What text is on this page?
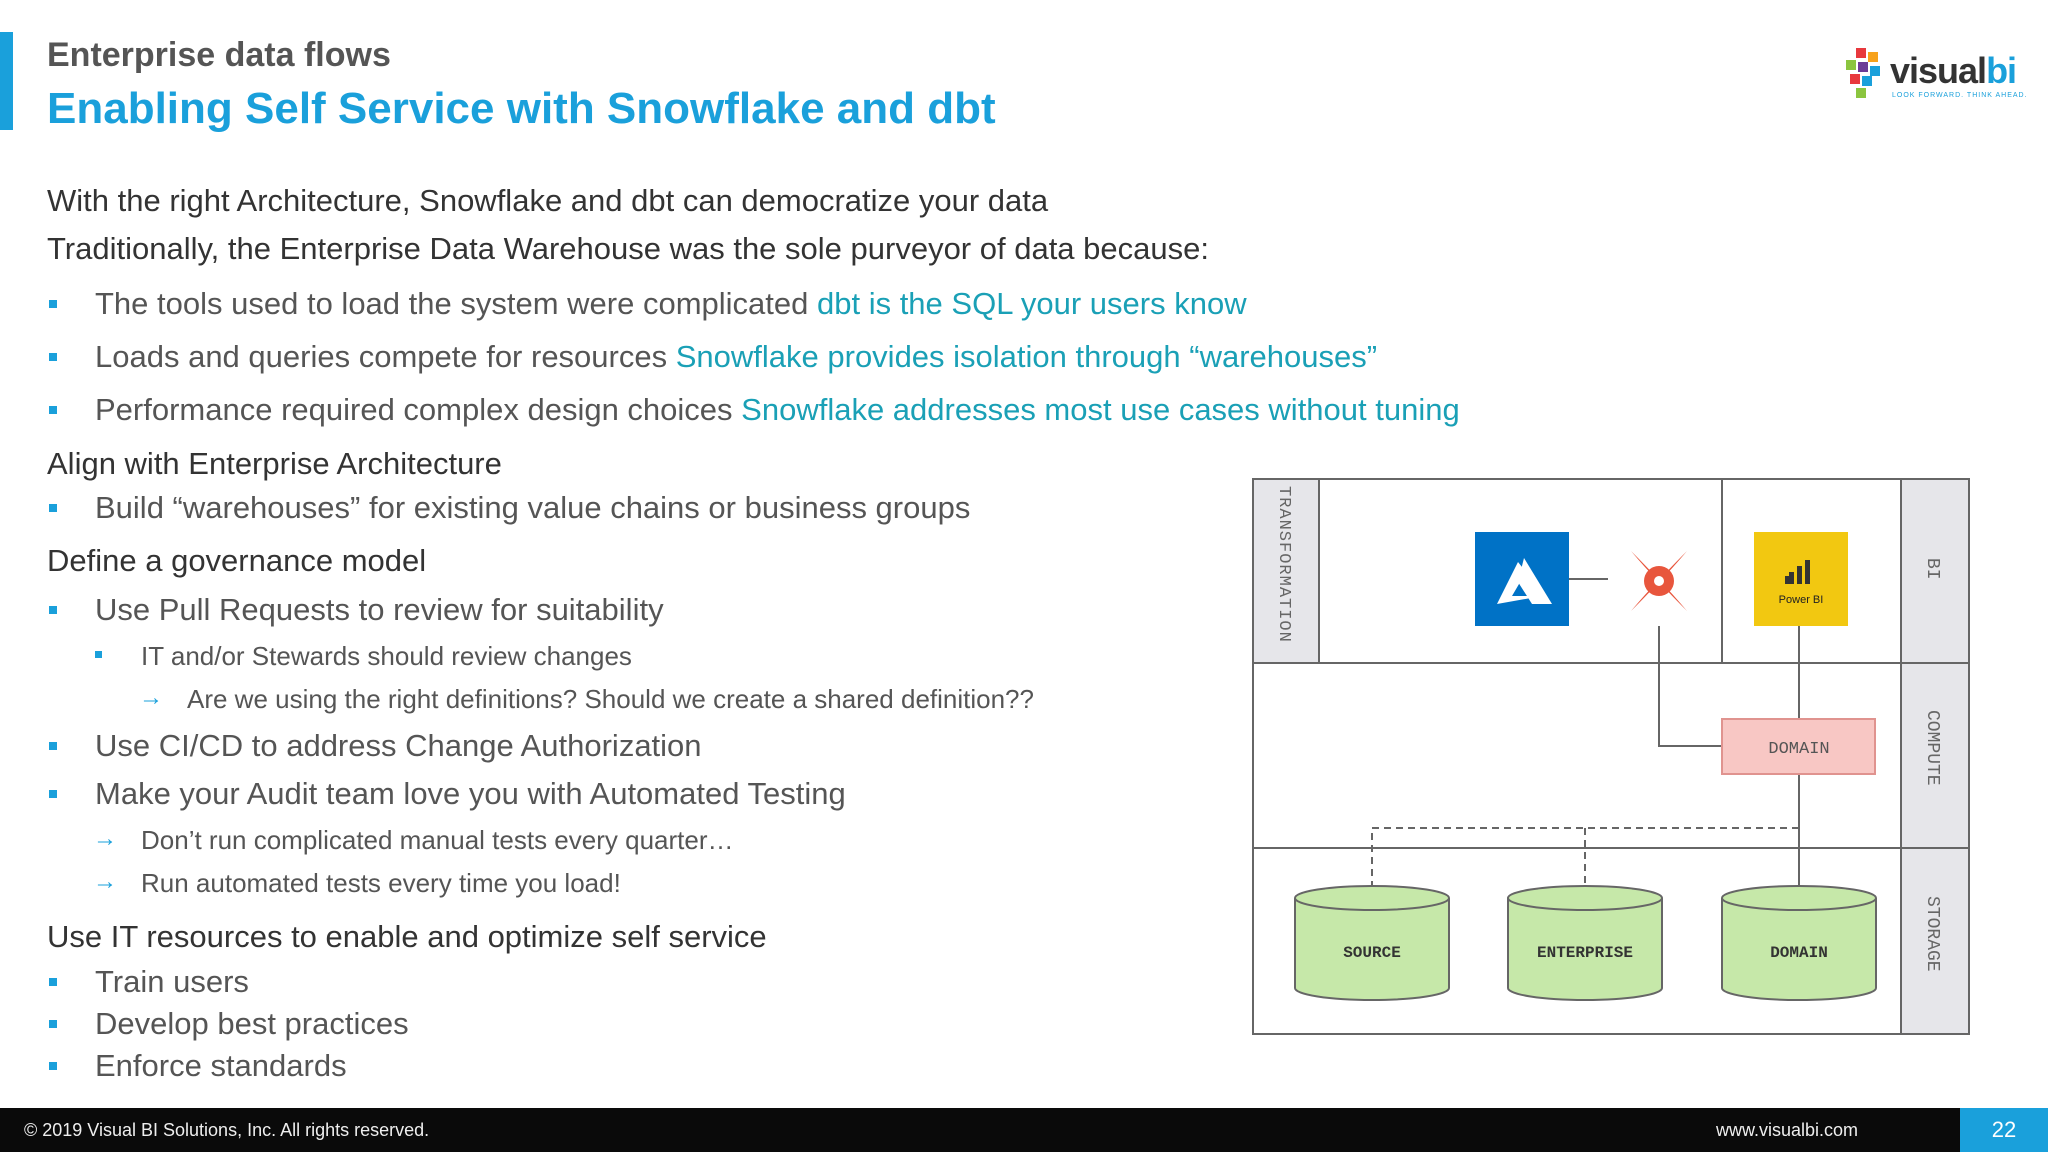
Enterprise data flows
Enabling Self Service with Snowflake and dbt
visualbi
LOOK FORWARD. THINK AHEAD.
With the right Architecture, Snowflake and dbt can democratize your data
Traditionally, the Enterprise Data Warehouse was the sole purveyor of data because:
The tools used to load the system were complicated dbt is the SQL your users know
Loads and queries compete for resources Snowflake provides isolation through “warehouses”
Performance required complex design choices Snowflake addresses most use cases without tuning
Align with Enterprise Architecture
Build “warehouses” for existing value chains or business groups
Define a governance model
Use Pull Requests to review for suitability
IT and/or Stewards should review changes
→ Are we using the right definitions? Should we create a shared definition??
Use CI/CD to address Change Authorization
Make your Audit team love you with Automated Testing
→ Don’t run complicated manual tests every quarter…
→ Run automated tests every time you load!
Use IT resources to enable and optimize self service
Train users
Develop best practices
Enforce standards
TRANSFORMATION	BI
COMPUTE
STORAGE
Power BI
DOMAIN
SOURCE	ENTERPRISE	DOMAIN
© 2019 Visual BI Solutions, Inc. All rights reserved.	www.visualbi.com	22
